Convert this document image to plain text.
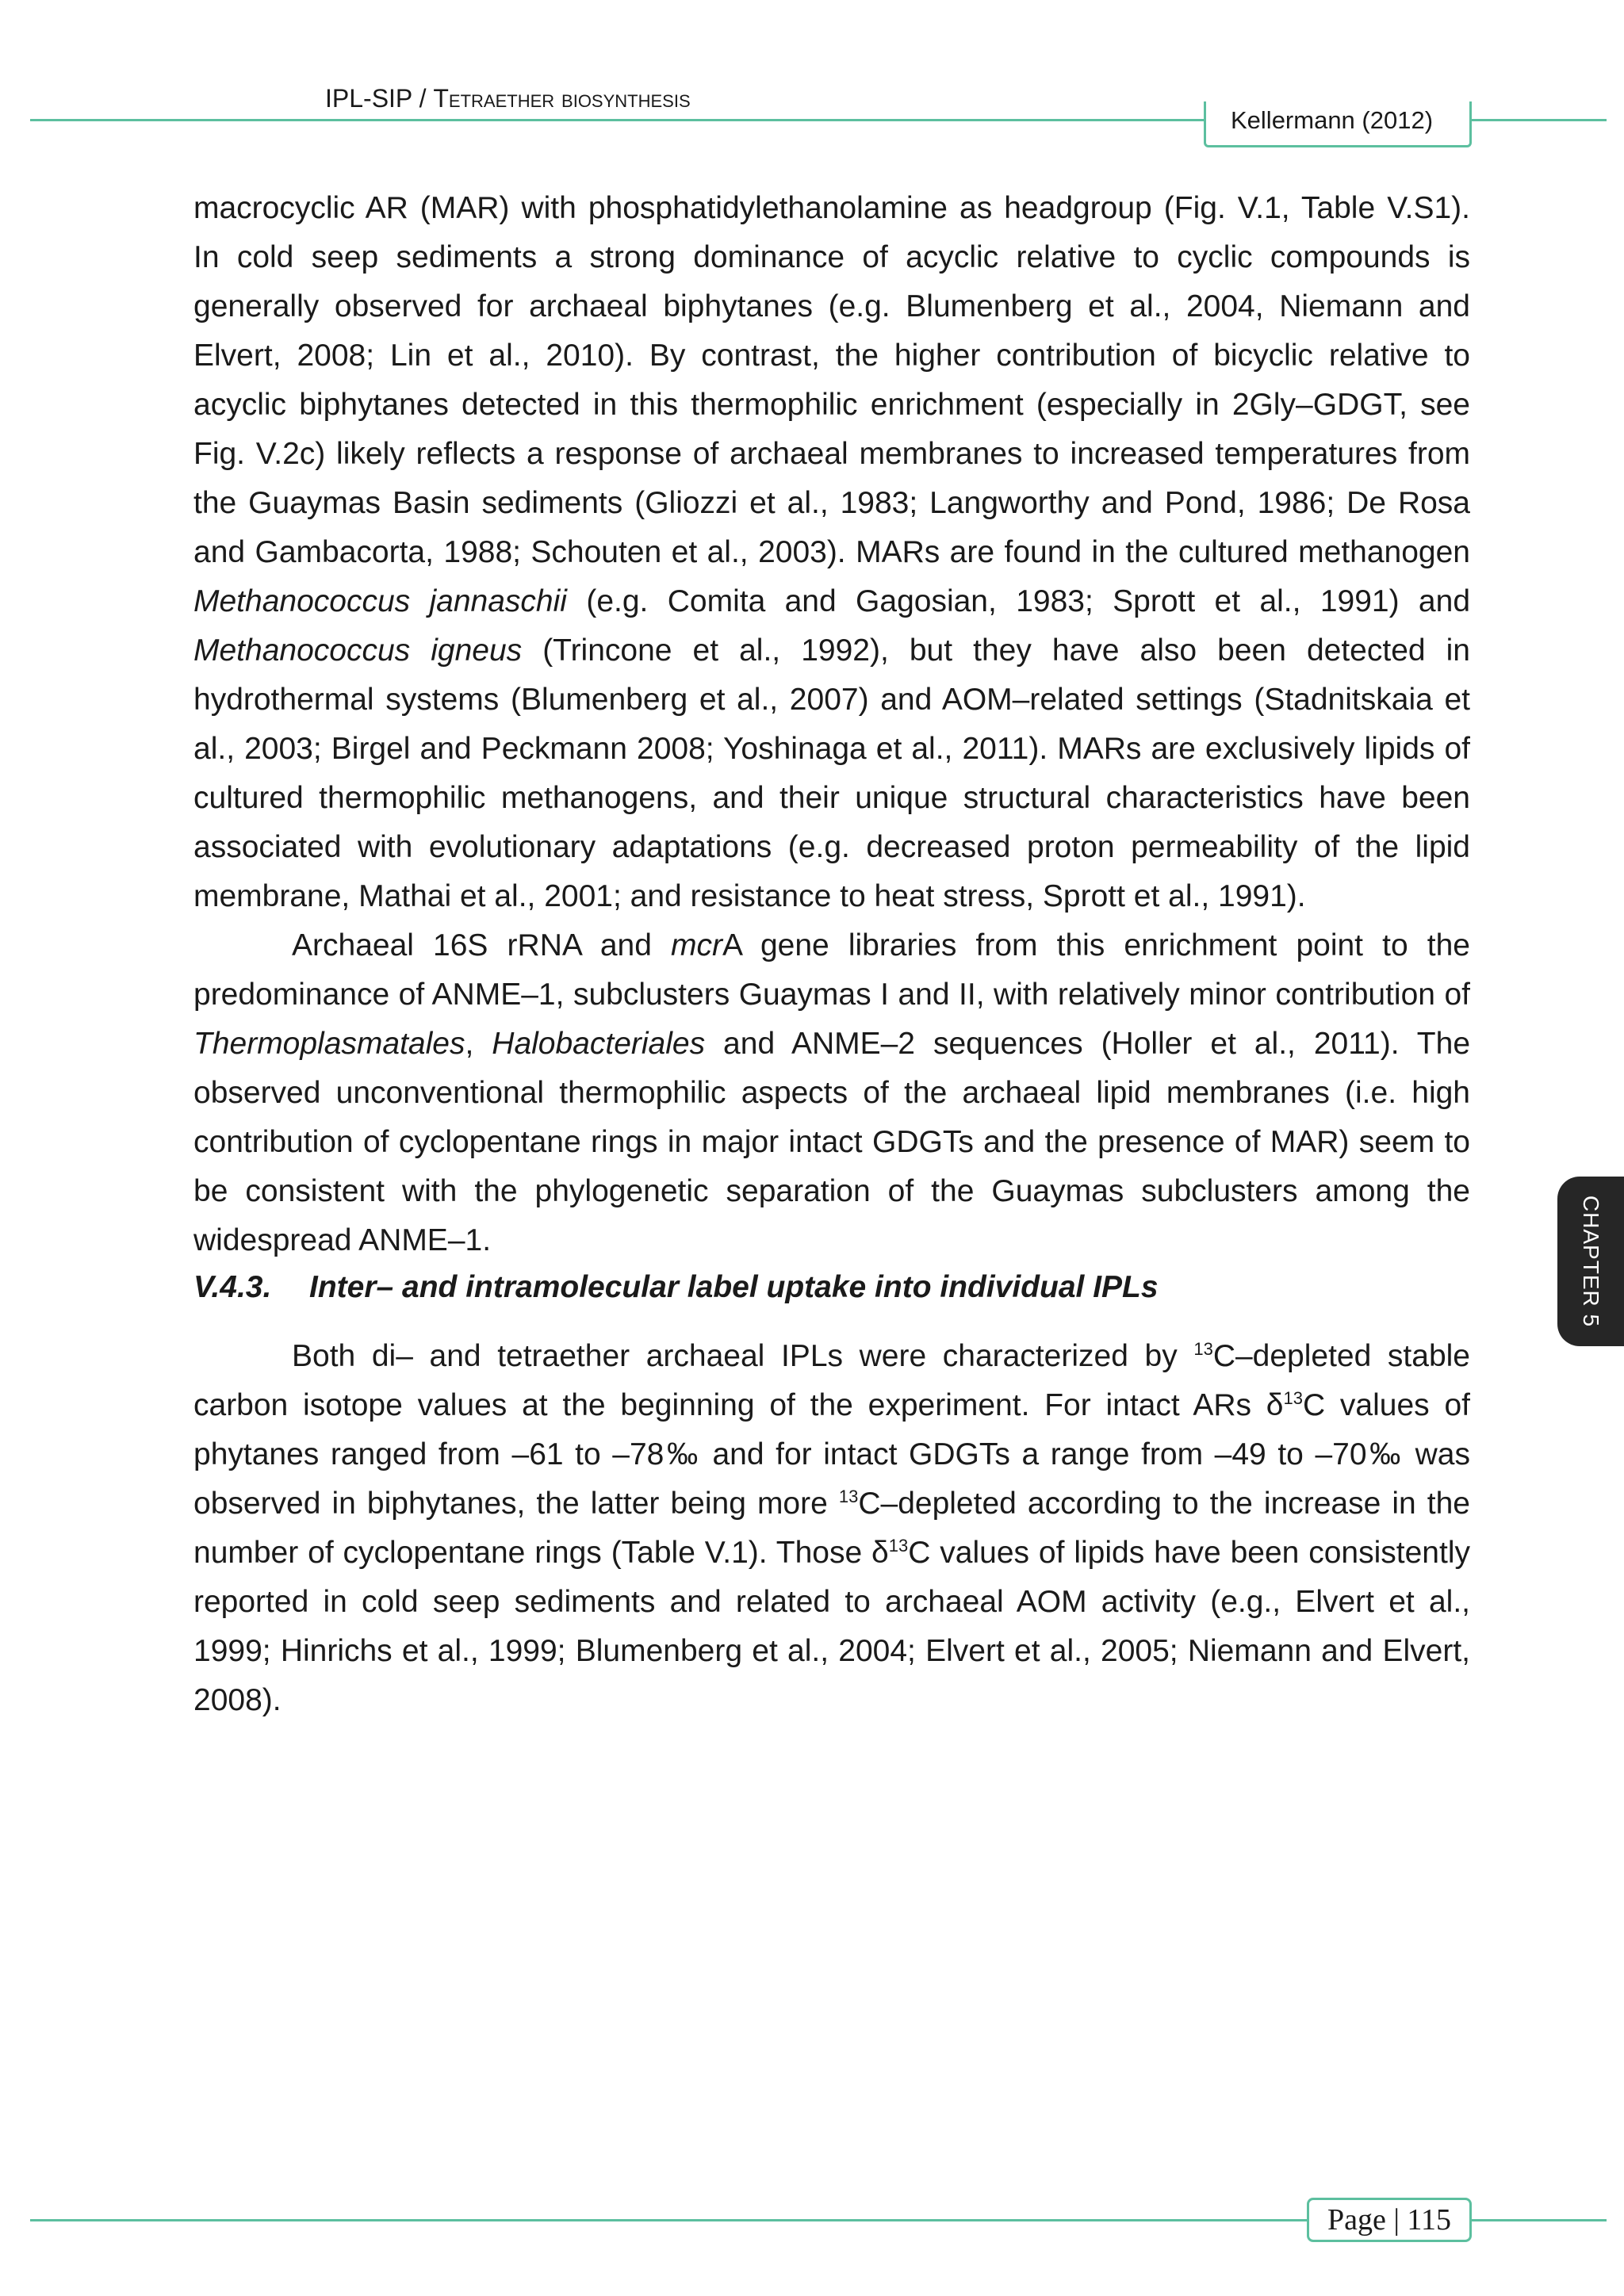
IPL-SIP / Tetraether biosynthesis
Kellermann (2012)

macrocyclic AR (MAR) with phosphatidylethanolamine as headgroup (Fig. V.1, Table V.S1). In cold seep sediments a strong dominance of acyclic relative to cyclic compounds is generally observed for archaeal biphytanes (e.g. Blumenberg et al., 2004, Niemann and Elvert, 2008; Lin et al., 2010). By contrast, the higher contribution of bicyclic relative to acyclic biphytanes detected in this thermophilic enrichment (especially in 2Gly–GDGT, see Fig. V.2c) likely reflects a response of archaeal membranes to increased temperatures from the Guaymas Basin sediments (Gliozzi et al., 1983; Langworthy and Pond, 1986; De Rosa and Gambacorta, 1988; Schouten et al., 2003). MARs are found in the cultured methanogen Methanococcus jannaschii (e.g. Comita and Gagosian, 1983; Sprott et al., 1991) and Methanococcus igneus (Trincone et al., 1992), but they have also been detected in hydrothermal systems (Blumenberg et al., 2007) and AOM–related settings (Stadnitskaia et al., 2003; Birgel and Peckmann 2008; Yoshinaga et al., 2011). MARs are exclusively lipids of cultured thermophilic methanogens, and their unique structural characteristics have been associated with evolutionary adaptations (e.g. decreased proton permeability of the lipid membrane, Mathai et al., 2001; and resistance to heat stress, Sprott et al., 1991).

Archaeal 16S rRNA and mcrA gene libraries from this enrichment point to the predominance of ANME–1, subclusters Guaymas I and II, with relatively minor contribution of Thermoplasmatales, Halobacteriales and ANME–2 sequences (Holler et al., 2011). The observed unconventional thermophilic aspects of the archaeal lipid membranes (i.e. high contribution of cyclopentane rings in major intact GDGTs and the presence of MAR) seem to be consistent with the phylogenetic separation of the Guaymas subclusters among the widespread ANME–1.

V.4.3. Inter– and intramolecular label uptake into individual IPLs

Both di– and tetraether archaeal IPLs were characterized by $^{13}$C–depleted stable carbon isotope values at the beginning of the experiment. For intact ARs $\delta^{13}C$ values of phytanes ranged from –61 to –78‰ and for intact GDGTs a range from –49 to –70‰ was observed in biphytanes, the latter being more $^{13}$C–depleted according to the increase in the number of cyclopentane rings (Table V.1). Those $\delta^{13}C$ values of lipids have been consistently reported in cold seep sediments and related to archaeal AOM activity (e.g., Elvert et al., 1999; Hinrichs et al., 1999; Blumenberg et al., 2004; Elvert et al., 2005; Niemann and Elvert, 2008).

CHAPTER 5
Page | 115
